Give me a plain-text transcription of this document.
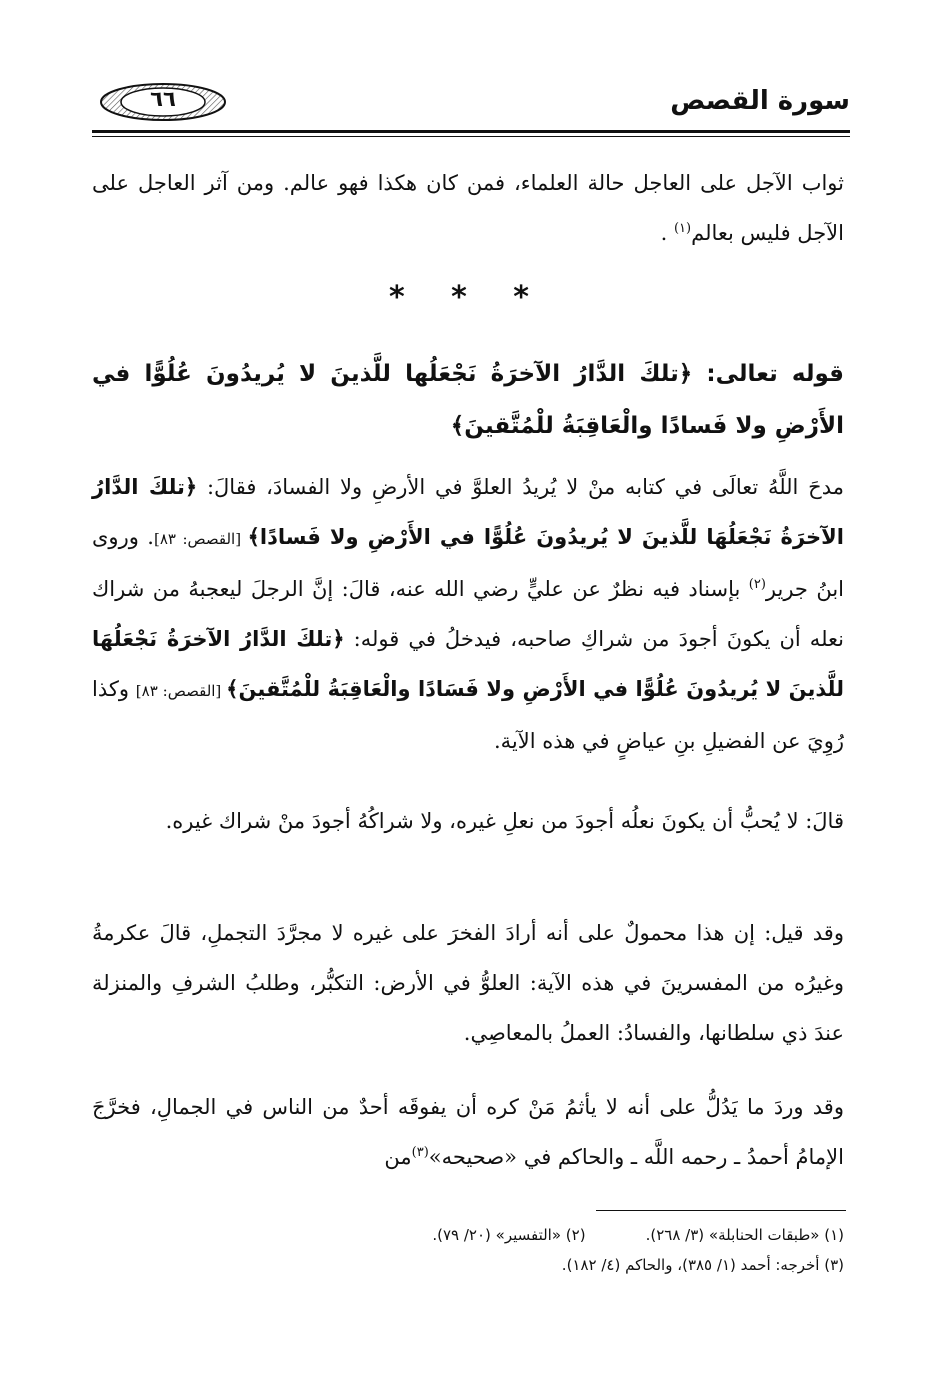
سورة القصص
٦٦
ثواب الآجل على العاجل حالة العلماء، فمن كان هكذا فهو عالم. ومن آثر العاجل على الآجل فليس بعالم$^{(١)}$ .
* * *
قوله تعالى: ﴿تلكَ الدَّارُ الآخرَةُ نَجْعَلُها للَّذينَ لا يُريدُونَ عُلُوًّا في الأَرْضِ ولا فَسادًا والْعَاقِبَةُ للْمُتَّقينَ﴾
مدحَ اللَّهُ تعالَى في كتابه منْ لا يُريدُ العلوَّ في الأرضِ ولا الفسادَ، فقالَ: ﴿تلكَ الدَّارُ الآخرَةُ نَجْعَلُهَا للَّذينَ لا يُريدُونَ عُلُوًّا في الأَرْضِ ولا فَسادًا﴾ [القصص: ٨٣]. وروى ابنُ جرير$^{(٢)}$ بإسناد فيه نظرٌ عن عليٍّ رضي الله عنه، قالَ: إنَّ الرجلَ ليعجبهُ من شراك نعله أن يكونَ أجودَ من شراكِ صاحبه، فيدخلُ في قوله: ﴿تلكَ الدَّارُ الآخرَةُ نَجْعَلُهَا للَّذينَ لا يُريدُونَ عُلُوًّا في الأَرْضِ ولا فَسَادًا والْعَاقِبَةُ للْمُتَّقينَ﴾ [القصص: ٨٣] وكذا رُوِيَ عن الفضيلِ بنِ عياضٍ في هذه الآية.
قالَ: لا يُحبُّ أن يكونَ نعلُه أجودَ من نعلِ غيره، ولا شراكُهُ أجودَ منْ شراك غيره.
وقد قيل: إن هذا محمولٌ على أنه أرادَ الفخرَ على غيره لا مجرَّدَ التجملِ، قالَ عكرمةُ وغيرُه من المفسرينَ في هذه الآية: العلوُّ في الأرض: التكبُّر، وطلبُ الشرفِ والمنزلة عندَ ذي سلطانها، والفسادُ: العملُ بالمعاصِي.
وقد وردَ ما يَدُلُّ على أنه لا يأثمُ مَنْ كره أن يفوقَه أحدٌ من الناس في الجمالِ، فخرَّجَ الإمامُ أحمدُ ـ رحمه اللَّه ـ والحاكم في «صحيحه»$^{(٣)}$من
(١) «طبقات الحنابلة» (٣/ ٢٦٨).
(٢) «التفسير» (٢٠/ ٧٩).
(٣) أخرجه: أحمد (١/ ٣٨٥)، والحاكم (٤/ ١٨٢).
